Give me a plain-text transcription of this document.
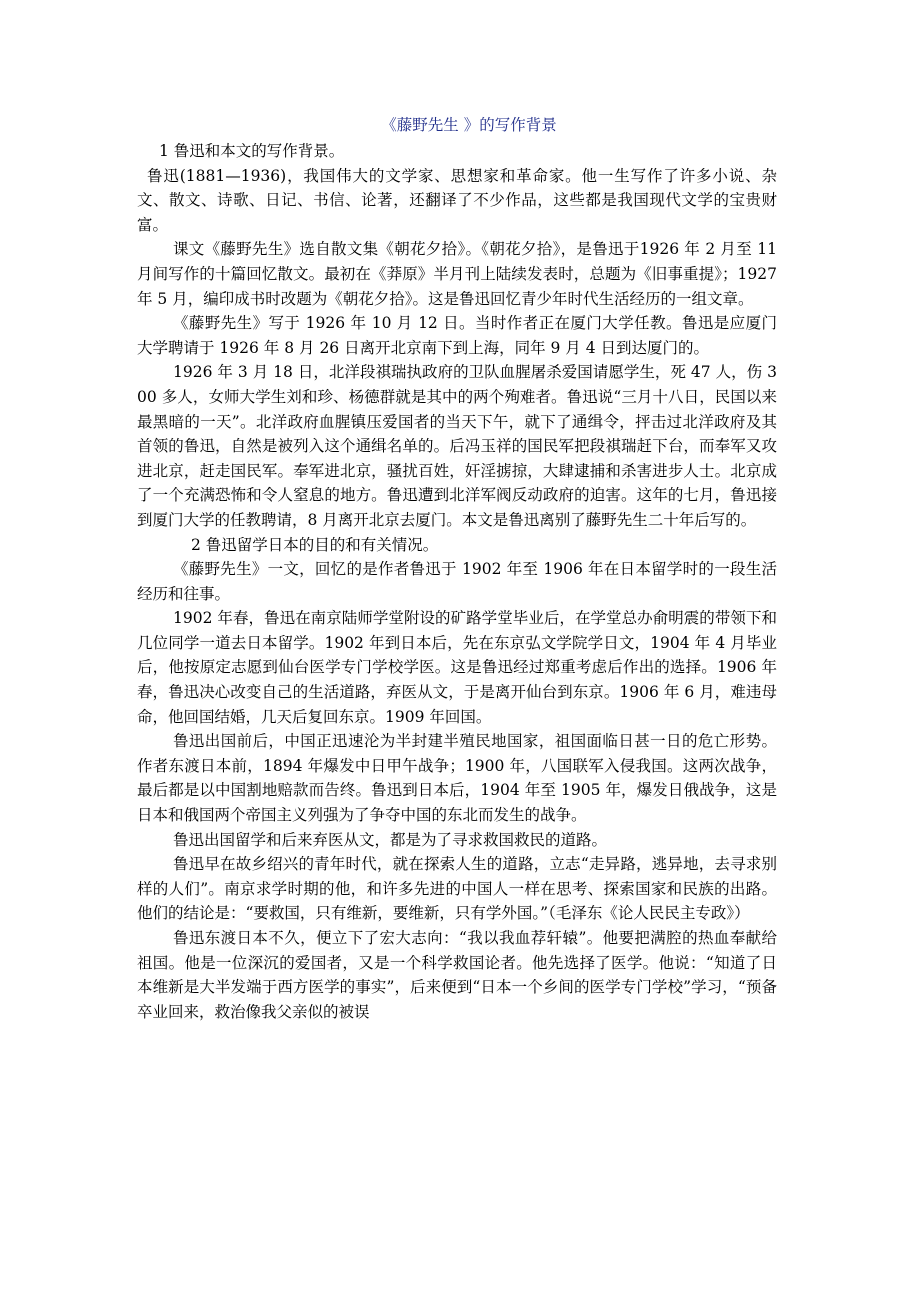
《藤野先生 》的写作背景

1 鲁迅和本文的写作背景。

鲁迅(1881—1936)，我国伟大的文学家、思想家和革命家。他一生写作了许多小说、杂文、散文、诗歌、日记、书信、论著，还翻译了不少作品，这些都是我国现代文学的宝贵财富。

课文《藤野先生》选自散文集《朝花夕拾》。《朝花夕拾》，是鲁迅于1926 年 2 月至 11 月间写作的十篇回忆散文。最初在《莽原》半月刊上陆续发表时，总题为《旧事重提》；1927 年 5 月，编印成书时改题为《朝花夕拾》。这是鲁迅回忆青少年时代生活经历的一组文章。

《藤野先生》写于 1926 年 10 月 12 日。当时作者正在厦门大学任教。鲁迅是应厦门大学聘请于 1926 年 8 月 26 日离开北京南下到上海，同年 9 月 4 日到达厦门的。

1926 年 3 月 18 日，北洋段祺瑞执政府的卫队血腥屠杀爱国请愿学生，死 47 人，伤 300 多人，女师大学生刘和珍、杨德群就是其中的两个殉难者。鲁迅说“三月十八日，民国以来最黑暗的一天”。北洋政府血腥镇压爱国者的当天下午，就下了通缉令，抨击过北洋政府及其首领的鲁迅，自然是被列入这个通缉名单的。后冯玉祥的国民军把段祺瑞赶下台，而奉军又攻进北京，赶走国民军。奉军进北京，骚扰百姓，奸淫掳掠，大肆逮捕和杀害进步人士。北京成了一个充满恐怖和令人窒息的地方。鲁迅遭到北洋军阀反动政府的迫害。这年的七月，鲁迅接到厦门大学的任教聘请，8 月离开北京去厦门。本文是鲁迅离别了藤野先生二十年后写的。

2 鲁迅留学日本的目的和有关情况。

《藤野先生》一文，回忆的是作者鲁迅于 1902 年至 1906 年在日本留学时的一段生活经历和往事。

1902 年春，鲁迅在南京陆师学堂附设的矿路学堂毕业后，在学堂总办俞明震的带领下和几位同学一道去日本留学。1902 年到日本后，先在东京弘文学院学日文，1904 年 4 月毕业后，他按原定志愿到仙台医学专门学校学医。这是鲁迅经过郑重考虑后作出的选择。1906 年春，鲁迅决心改变自己的生活道路，弃医从文，于是离开仙台到东京。1906 年 6 月，难违母命，他回国结婚，几天后复回东京。1909 年回国。

鲁迅出国前后，中国正迅速沦为半封建半殖民地国家，祖国面临日甚一日的危亡形势。作者东渡日本前，1894 年爆发中日甲午战争；1900 年，八国联军入侵我国。这两次战争，最后都是以中国割地赔款而告终。鲁迅到日本后，1904 年至 1905 年，爆发日俄战争，这是日本和俄国两个帝国主义列强为了争夺中国的东北而发生的战争。

鲁迅出国留学和后来弃医从文，都是为了寻求救国救民的道路。

鲁迅早在故乡绍兴的青年时代，就在探索人生的道路，立志“走异路，逃异地，去寻求别样的人们”。南京求学时期的他，和许多先进的中国人一样在思考、探索国家和民族的出路。他们的结论是：“要救国，只有维新，要维新，只有学外国。”（毛泽东《论人民民主专政》）

鲁迅东渡日本不久，便立下了宏大志向：“我以我血荐轩辕”。他要把满腔的热血奉献给祖国。他是一位深沉的爱国者，又是一个科学救国论者。他先选择了医学。他说：“知道了日本维新是大半发端于西方医学的事实”，后来便到“日本一个乡间的医学专门学校”学习，“预备卒业回来，救治像我父亲似的被误
